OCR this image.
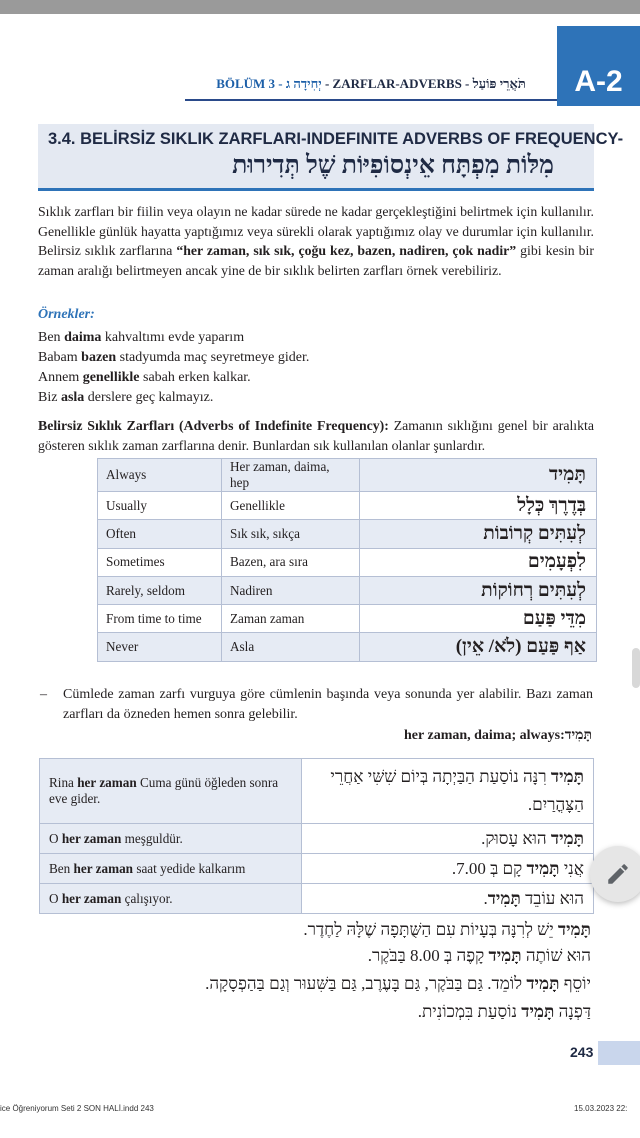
BÖLÜM 3 - יְחִידָה ג - ZARFLAR-ADVERBS - תֹּאֲרֵי פּוֹעַל	A-2
3.4. BELİRSİZ SIKLIK ZARFLARI-INDEFINITE ADVERBS OF FREQUENCY-
מִלּוֹת מִפְתָּח אֵינְסוֹפִיּוֹת שֶׁל תְּדִירוּת
Sıklık zarfları bir fiilin veya olayın ne kadar sürede ne kadar gerçekleştiğini belirtmek için kullanılır. Genellikle günlük hayatta yaptığımız veya sürekli olarak yaptığımız olay ve durumlar için kullanılır. Belirsiz sıklık zarflarına “her zaman, sık sık, çoğu kez, bazen, nadiren, çok nadir” gibi kesin bir zaman aralığı belirtmeyen ancak yine de bir sıklık belirten zarfları örnek verebiliriz.
Örnekler:
Ben daima kahvaltımı evde yaparım
Babam bazen stadyumda maç seyretmeye gider.
Annem genellikle sabah erken kalkar.
Biz asla derslere geç kalmayız.
Belirsiz Sıklık Zarfları (Adverbs of Indefinite Frequency): Zamanın sıklığını genel bir aralıkta gösteren sıklık zaman zarflarına denir. Bunlardan sık kullanılan olanlar şunlardır.
Always	Her zaman, daima, hep	תָּמִיד
Usually	Genellikle	בְּדֶרֶךְ כְּלָל
Often	Sık sık, sıkça	לְעִתִּים קְרוֹבוֹת
Sometimes	Bazen, ara sıra	לִפְעָמִים
Rarely, seldom	Nadiren	לְעִתִּים רְחוֹקוֹת
From time to time	Zaman zaman	מִדֵּי פַּעַם
Never	Asla	אַף פַּעַם (לֹא/ אֵין)
– Cümlede zaman zarfı vurguya göre cümlenin başında veya sonunda yer alabilir. Bazı zaman zarfları da özneden hemen sonra gelebilir.
her zaman, daima; always:תָּמִיד
Rina her zaman Cuma günü öğleden sonra eve gider.	תָּמִיד רִנָּה נוֹסַעַת הַבַּיְתָה בְּיוֹם שִׁשִּׁי אַחֲרֵי הַצָּהֳרַיִם.
O her zaman meşguldür.	תָּמִיד הוּא עָסוּק.
Ben her zaman saat yedide kalkarım	אֲנִי תָּמִיד קָם בְּ 7.00.
O her zaman çalışıyor.	הוּא עוֹבֵד תָּמִיד.
תָּמִיד יֵשׁ לְרִנָּה בְּעָיוֹת עִם הַשֻּׁתָּפָה שֶׁלָּהּ לַחֶדֶר.
הוּא שׁוֹתֶה תָּמִיד קָפֶה בְּ 8.00 בַּבֹּקֶר.
יוֹסֵף תָּמִיד לוֹמֵד. גַּם בַּבֹּקֶר, גַּם בָּעֶרֶב, גַּם בַּשִּׁעוּר וְגַם בַּהַפְסָקָה.
דַּפְנָה תָּמִיד נוֹסַעַת בִּמְכוֹנִית.
243
ice Öğreniyorum Seti 2 SON HALİ.indd 243	15.03.2023 22:
